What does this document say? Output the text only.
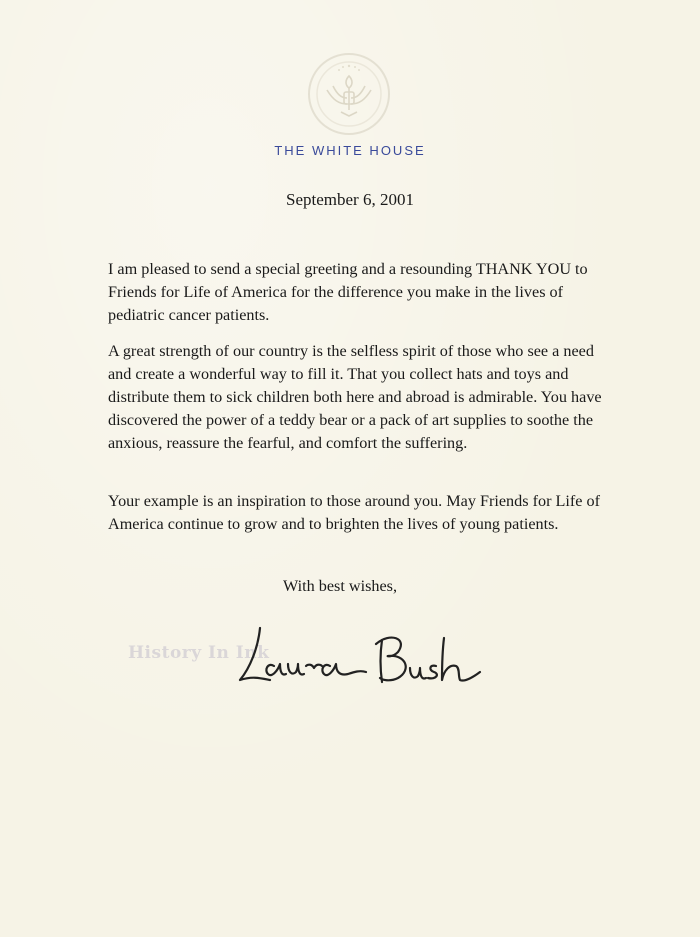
THE WHITE HOUSE
September 6, 2001

I am pleased to send a special greeting and a resounding THANK YOU to Friends for Life of America for the difference you make in the lives of pediatric cancer patients.

A great strength of our country is the selfless spirit of those who see a need and create a wonderful way to fill it. That you collect hats and toys and distribute them to sick children both here and abroad is admirable. You have discovered the power of a teddy bear or a pack of art supplies to soothe the anxious, reassure the fearful, and comfort the suffering.

Your example is an inspiration to those around you. May Friends for Life of America continue to grow and to brighten the lives of young patients.

With best wishes,
History In Ink
